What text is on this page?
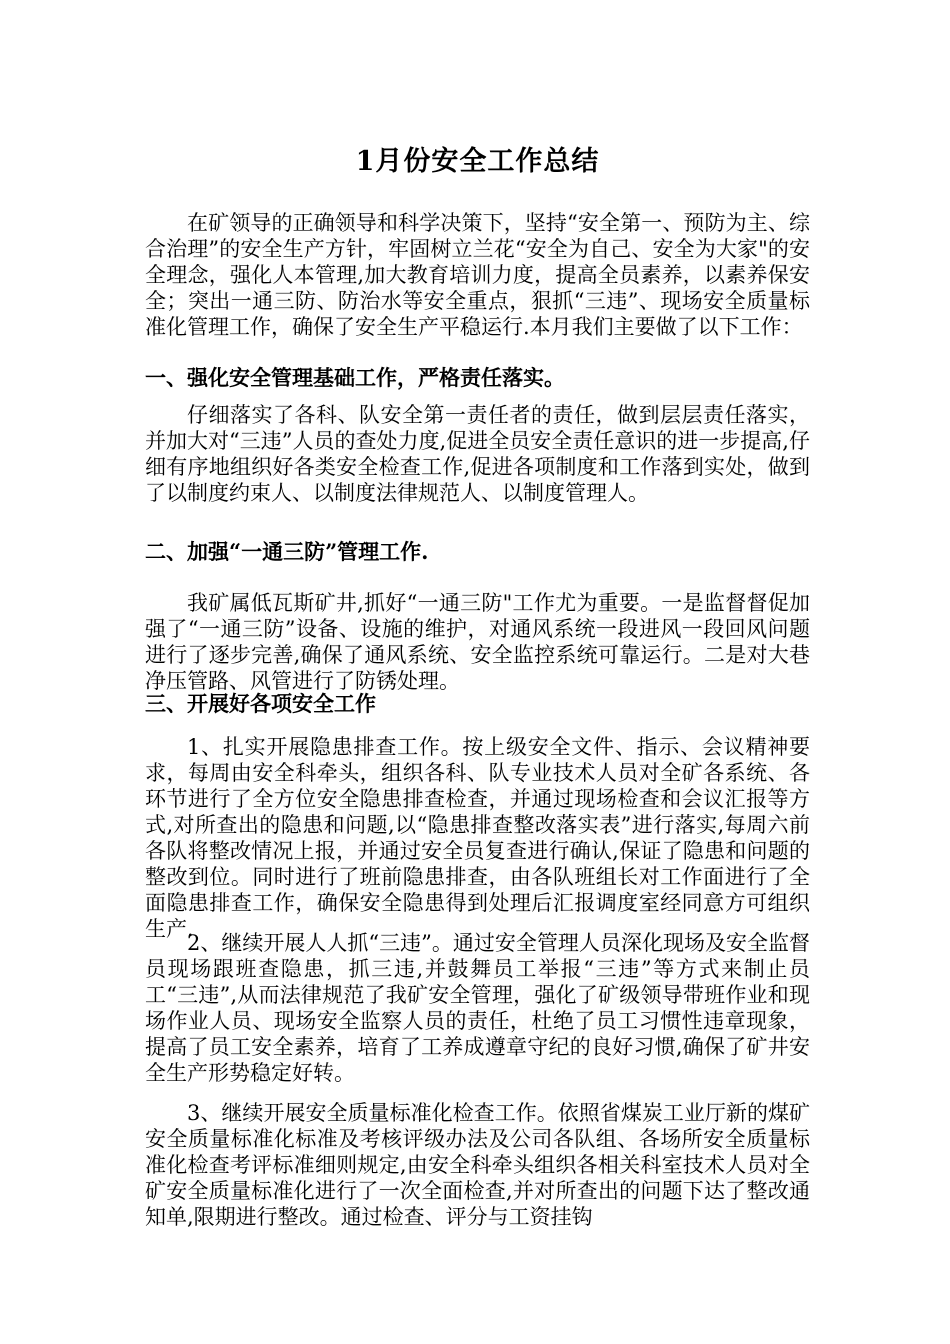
1月份安全工作总结

在矿领导的正确领导和科学决策下，坚持“安全第一、预防为主、综合治理”的安全生产方针，牢固树立兰花“安全为自己、安全为大家"的安全理念，强化人本管理,加大教育培训力度，提高全员素养，以素养保安全；突出一通三防、防治水等安全重点，狠抓“三违”、现场安全质量标准化管理工作，确保了安全生产平稳运行.本月我们主要做了以下工作：

一、强化安全管理基础工作，严格责任落实。

仔细落实了各科、队安全第一责任者的责任，做到层层责任落实，并加大对“三违”人员的查处力度,促进全员安全责任意识的进一步提高,仔细有序地组织好各类安全检查工作,促进各项制度和工作落到实处，做到了以制度约束人、以制度法律规范人、以制度管理人。

二、加强“一通三防”管理工作.

我矿属低瓦斯矿井,抓好“一通三防"工作尤为重要。一是监督督促加强了“一通三防”设备、设施的维护，对通风系统一段进风一段回风问题进行了逐步完善,确保了通风系统、安全监控系统可靠运行。二是对大巷净压管路、风管进行了防锈处理。

三、开展好各项安全工作

1、扎实开展隐患排查工作。按上级安全文件、指示、会议精神要求，每周由安全科牵头，组织各科、队专业技术人员对全矿各系统、各环节进行了全方位安全隐患排查检查，并通过现场检查和会议汇报等方式,对所查出的隐患和问题,以“隐患排查整改落实表”进行落实,每周六前各队将整改情况上报，并通过安全员复查进行确认,保证了隐患和问题的整改到位。同时进行了班前隐患排查，由各队班组长对工作面进行了全面隐患排查工作，确保安全隐患得到处理后汇报调度室经同意方可组织生产.

2、继续开展人人抓“三违”。通过安全管理人员深化现场及安全监督员现场跟班查隐患，抓三违,并鼓舞员工举报“三违”等方式来制止员工“三违”,从而法律规范了我矿安全管理，强化了矿级领导带班作业和现场作业人员、现场安全监察人员的责任，杜绝了员工习惯性违章现象，提高了员工安全素养，培育了工养成遵章守纪的良好习惯,确保了矿井安全生产形势稳定好转。

3、继续开展安全质量标准化检查工作。依照省煤炭工业厅新的煤矿安全质量标准化标准及考核评级办法及公司各队组、各场所安全质量标准化检查考评标准细则规定,由安全科牵头组织各相关科室技术人员对全矿安全质量标准化进行了一次全面检查,并对所查出的问题下达了整改通知单,限期进行整改。通过检查、评分与工资挂钩
